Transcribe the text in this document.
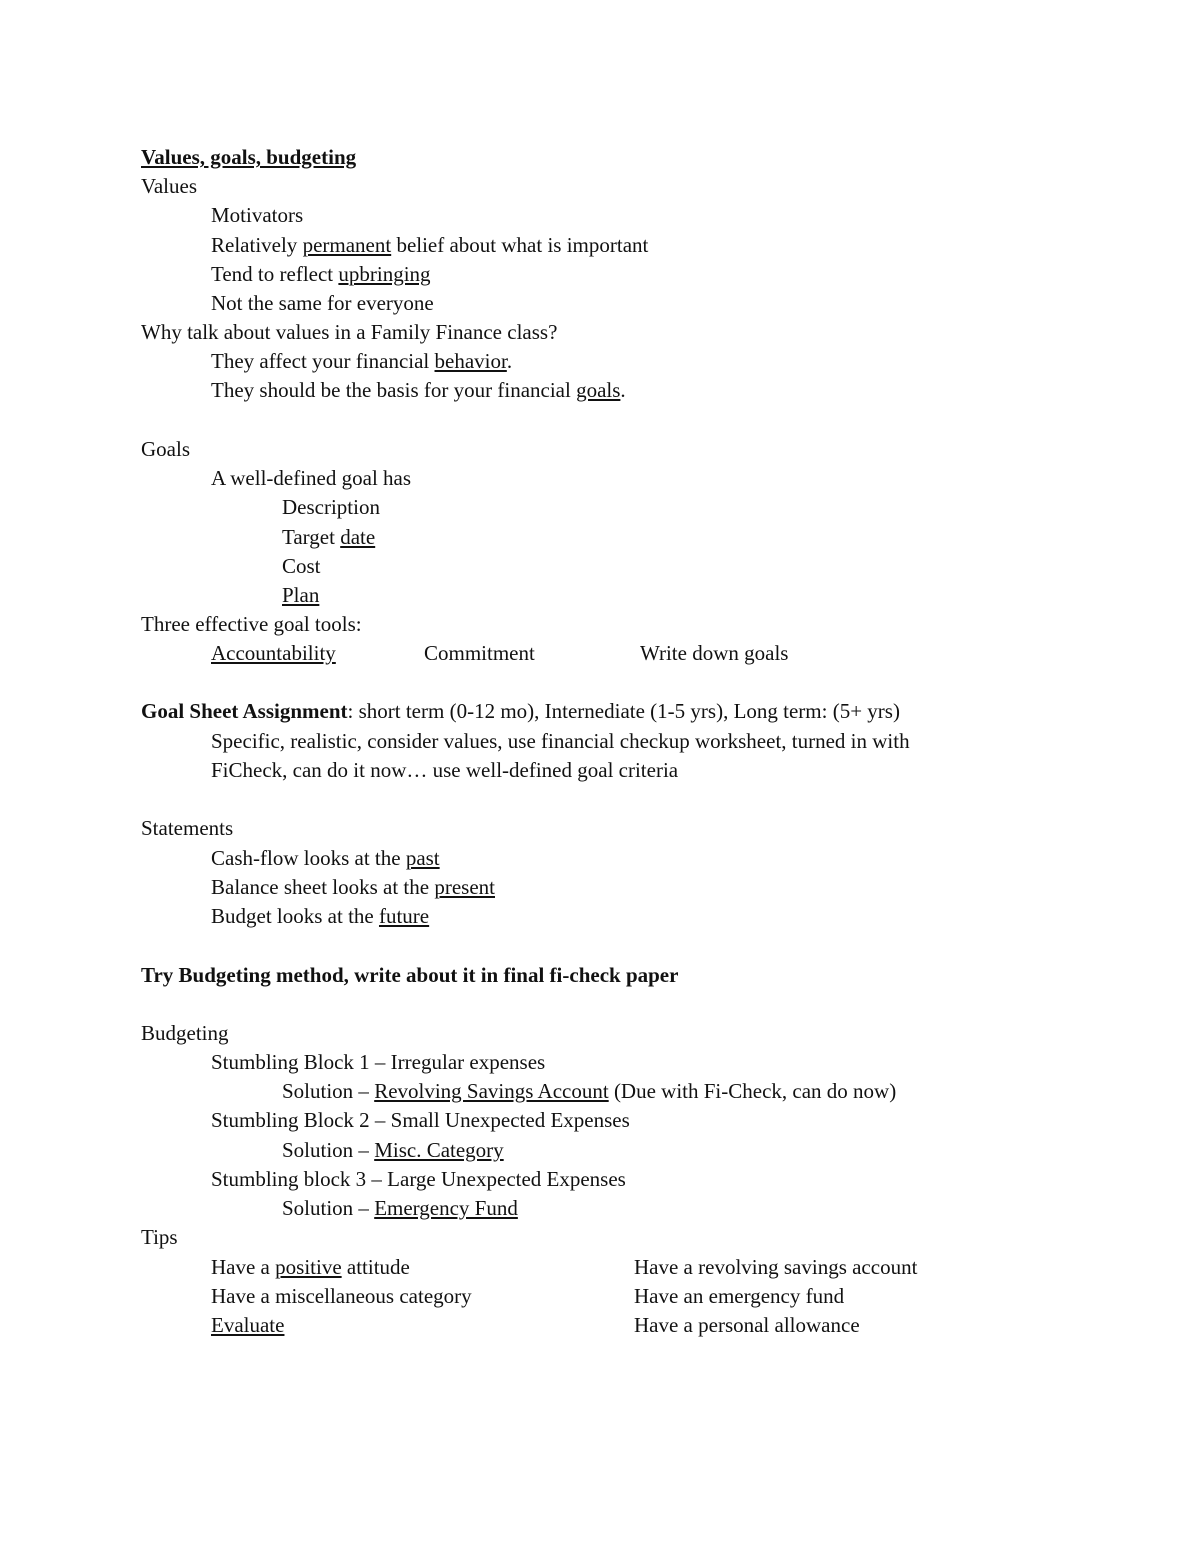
Values, goals, budgeting
Values
Motivators
Relatively permanent belief about what is important
Tend to reflect upbringing
Not the same for everyone
Why talk about values in a Family Finance class?
They affect your financial behavior.
They should be the basis for your financial goals.
Goals
A well-defined goal has
Description
Target date
Cost
Plan
Three effective goal tools:
Accountability	Commitment	Write down goals
Goal Sheet Assignment: short term (0-12 mo), Internediate (1-5 yrs), Long term: (5+ yrs)
Specific, realistic, consider values, use financial checkup worksheet, turned in with
FiCheck, can do it now… use well-defined goal criteria
Statements
Cash-flow looks at the past
Balance sheet looks at the present
Budget looks at the future
Try Budgeting method, write about it in final fi-check paper
Budgeting
Stumbling Block 1 – Irregular expenses
Solution – Revolving Savings Account (Due with Fi-Check, can do now)
Stumbling Block 2 – Small Unexpected Expenses
Solution – Misc. Category
Stumbling block 3 – Large Unexpected Expenses
Solution – Emergency Fund
Tips
Have a positive attitude	Have a revolving savings account
Have a miscellaneous category	Have an emergency fund
Evaluate	Have a personal allowance
